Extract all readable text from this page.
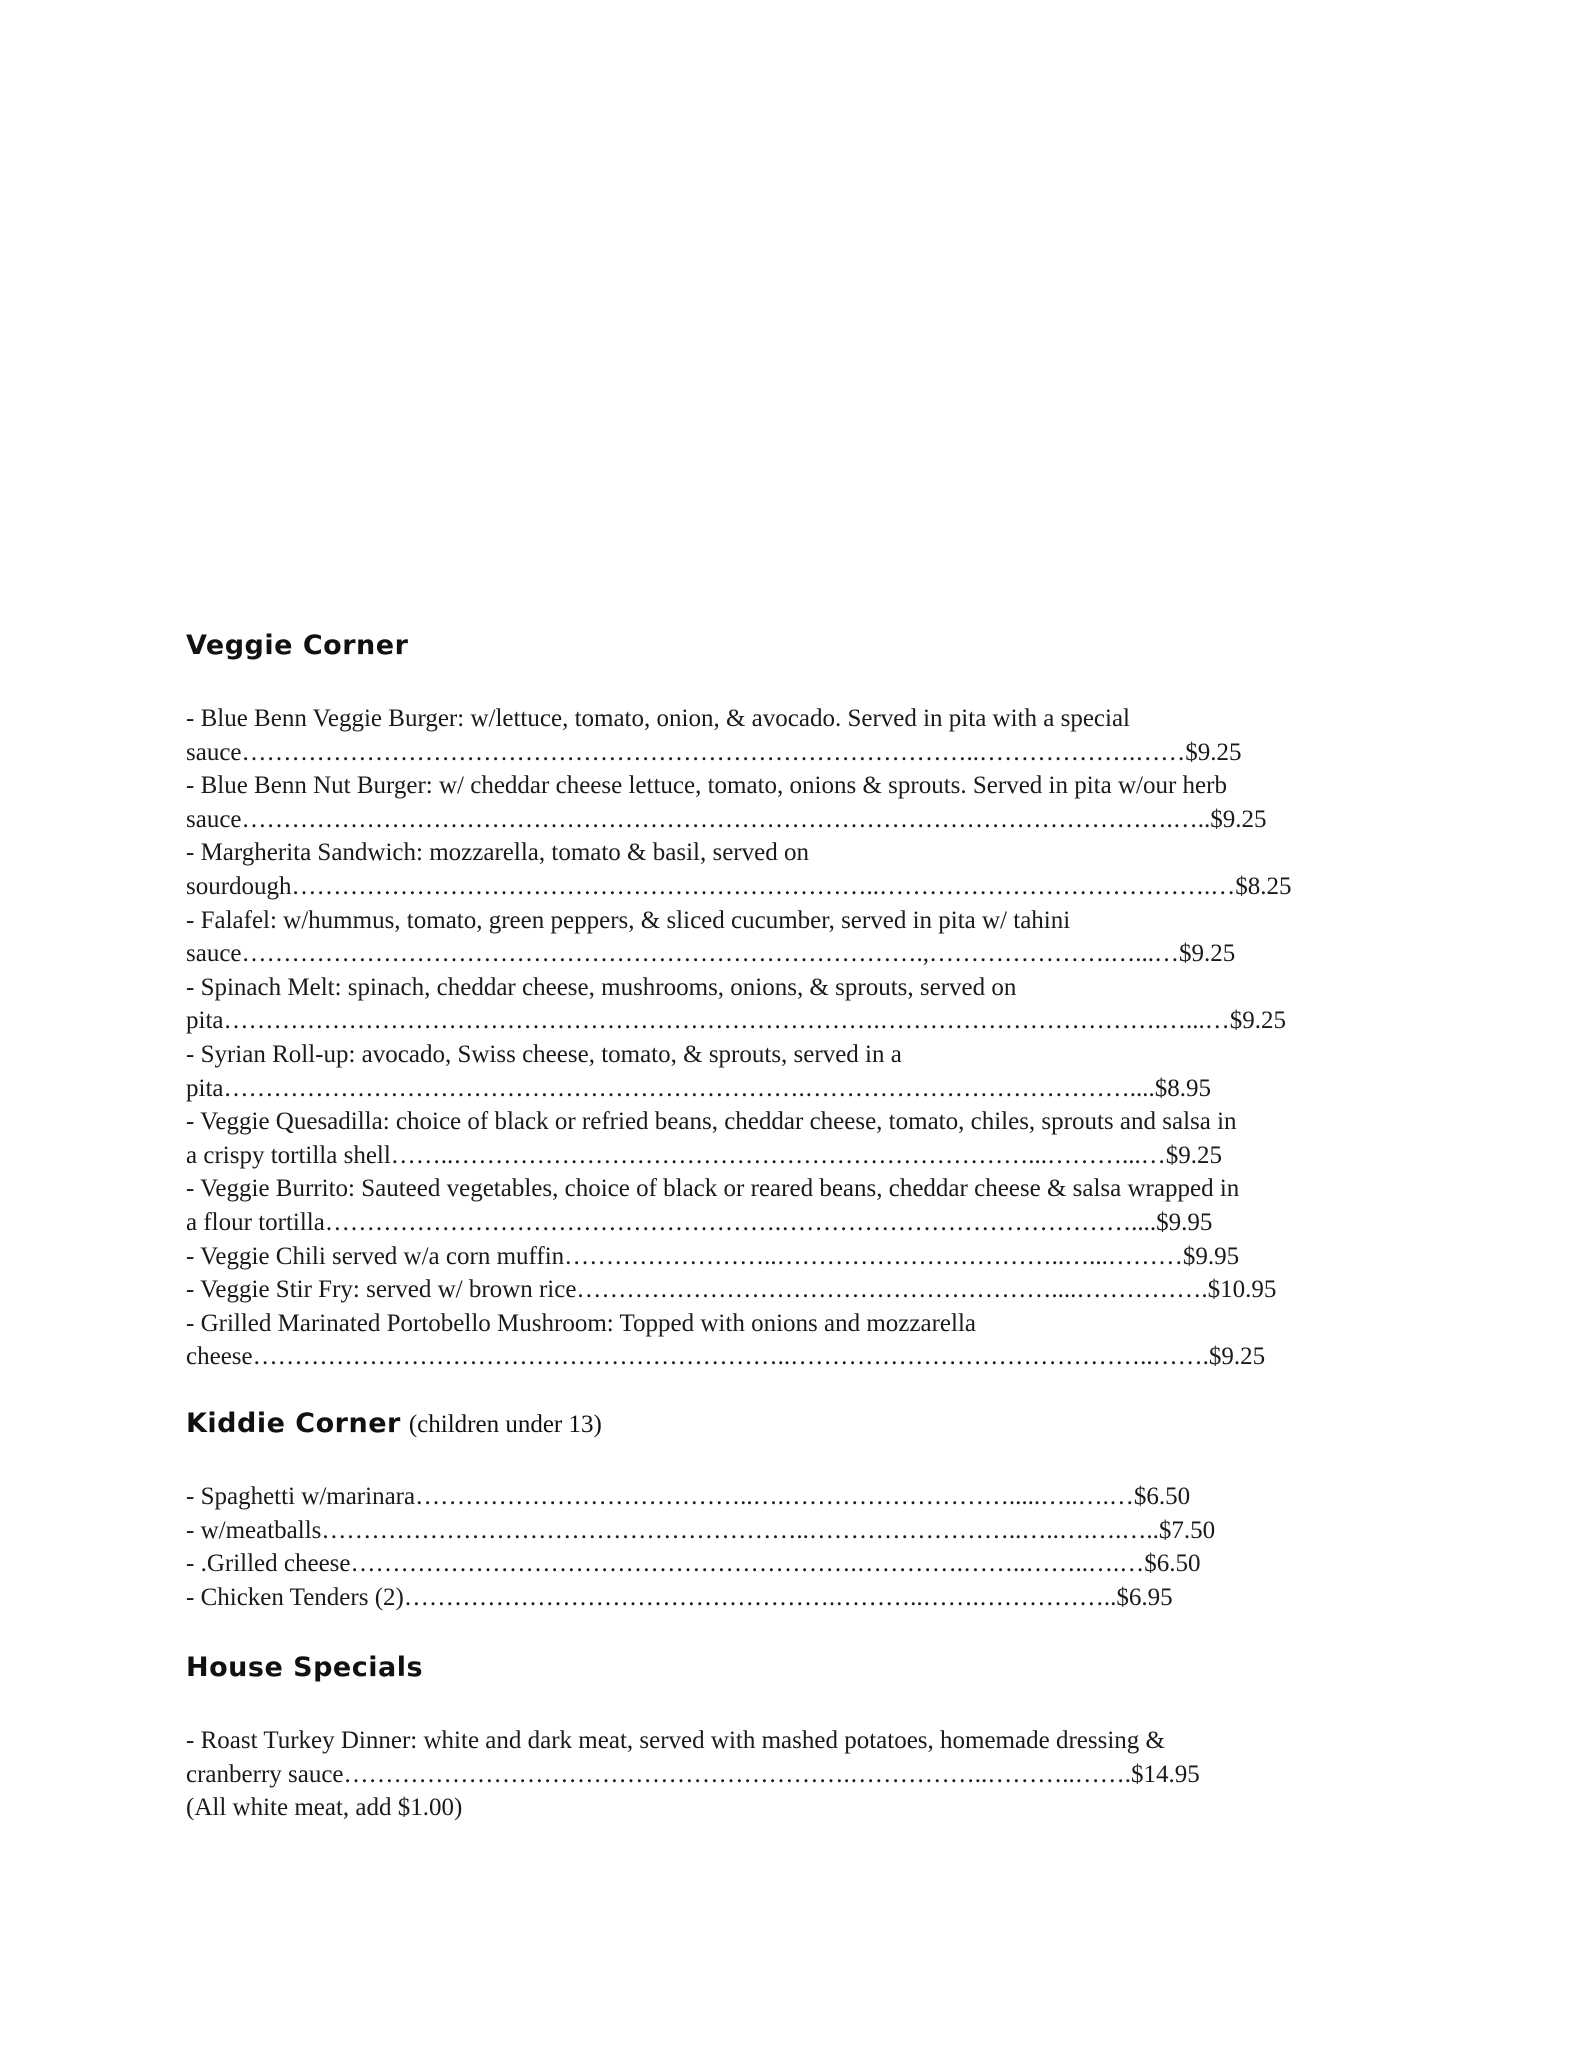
Veggie Corner
- Blue Benn Veggie Burger: w/lettuce, tomato, onion, & avocado. Served in pita with a special
sauce……………………………………………………………………………..……………….……$9.25
- Blue Benn Nut Burger: w/ cheddar cheese lettuce, tomato, onions & sprouts. Served in pita w/our herb
sauce………………………………………………………………………………………………….…..$9.25
- Margherita Sandwich: mozzarella, tomato & basil, served on
sourdough……………………………………………………………..………………………………….…$8.25
- Falafel: w/hummus, tomato, green peppers, & sliced cucumber, served in pita w/ tahini
sauce……………………………………………………………………….,………………….…...…$9.25
- Spinach Melt: spinach, cheddar cheese, mushrooms, onions, & sprouts, served on
pita…………………………………………………………………….…………………………….…...…$9.25
- Syrian Roll-up: avocado, Swiss cheese, tomato, & sprouts, served in a
pita…………………………………………………………….…………………………………....$8.95
- Veggie Quesadilla: choice of black or refried beans, cheddar cheese, tomato, chiles, sprouts and salsa in
a crispy tortilla shell……..……………………………………………………………...………...…$9.25
- Veggie Burrito: Sauteed vegetables, choice of black or reared beans, cheddar cheese & salsa wrapped in
a flour tortilla……………………………………………….……………………………………....$9.95
- Veggie Chili served w/a corn muffin……………………..……………………………..…...………$9.95
- Veggie Stir Fry: served w/ brown rice…………………………………………………....…………….$10.95
- Grilled Marinated Portobello Mushroom: Topped with onions and mozzarella
cheese………………………………………………………..……………………………………..…….$9.25
Kiddie Corner (children under 13)
- Spaghetti w/marinara…………………………………..….……………………….....…..….…$6.50
- w/meatballs…………………………………………………..……………………..…..….….…..$7.50
- .Grilled cheese…………………………………………………….………….……..……..….…$6.50
- Chicken Tenders (2)…………………………………………….………..…….……………..$6.95
House Specials
- Roast Turkey Dinner: white and dark meat, served with mashed potatoes, homemade dressing &
cranberry sauce…………………………………………………….……………..………..…….$14.95
(All white meat, add $1.00)
